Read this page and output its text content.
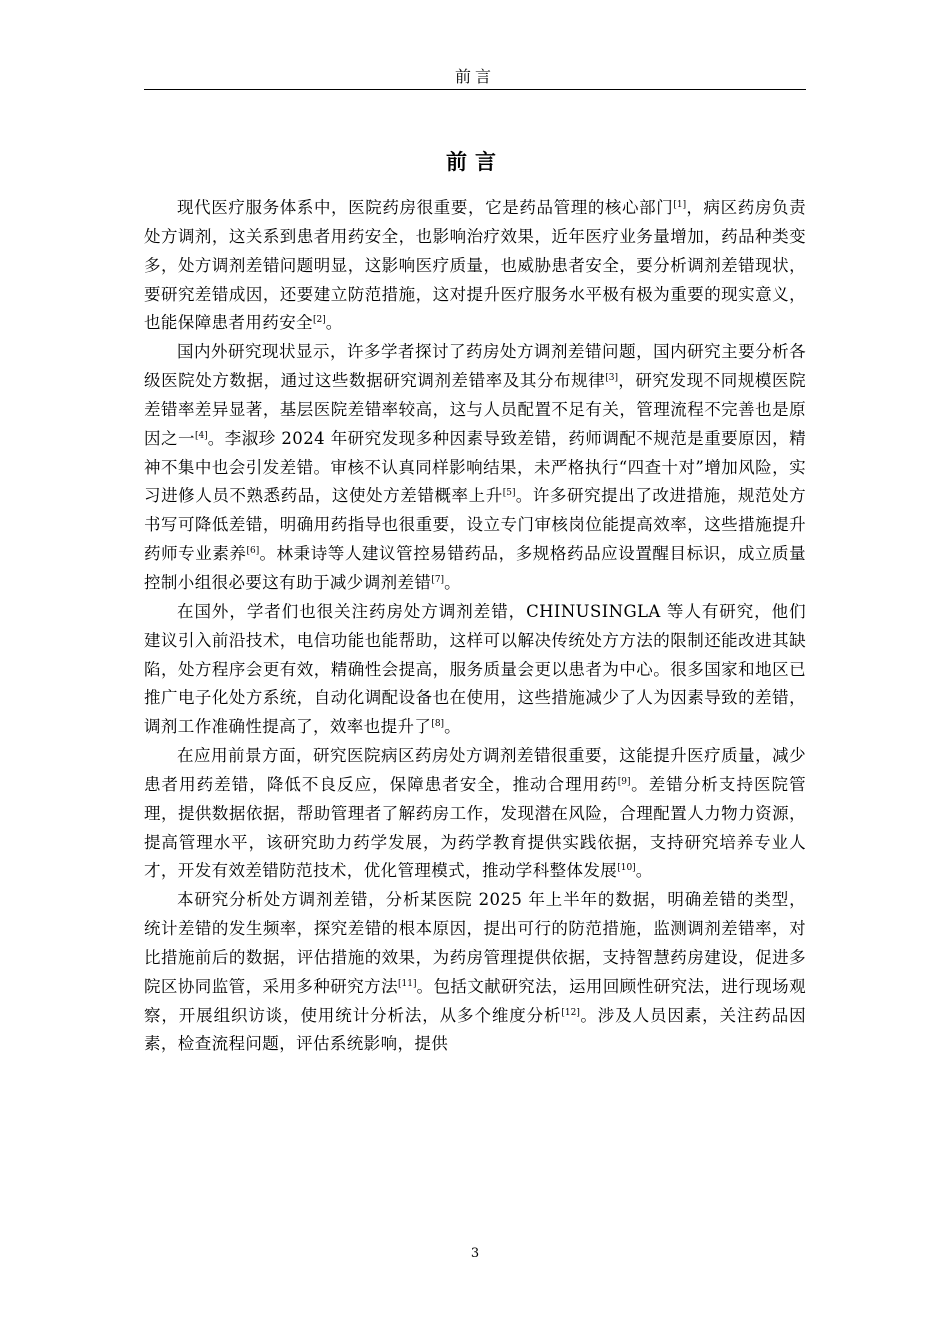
前言
前言

现代医疗服务体系中，医院药房很重要，它是药品管理的核心部门[1]，病区药房负责处方调剂，这关系到患者用药安全，也影响治疗效果，近年医疗业务量增加，药品种类变多，处方调剂差错问题明显，这影响医疗质量，也威胁患者安全，要分析调剂差错现状，要研究差错成因，还要建立防范措施，这对提升医疗服务水平极有极为重要的现实意义，也能保障患者用药安全[2]。

国内外研究现状显示，许多学者探讨了药房处方调剂差错问题，国内研究主要分析各级医院处方数据，通过这些数据研究调剂差错率及其分布规律[3]，研究发现不同规模医院差错率差异显著，基层医院差错率较高，这与人员配置不足有关，管理流程不完善也是原因之一[4]。李淑珍 2024 年研究发现多种因素导致差错，药师调配不规范是重要原因，精神不集中也会引发差错。审核不认真同样影响结果，未严格执行“四查十对”增加风险，实习进修人员不熟悉药品，这使处方差错概率上升[5]。许多研究提出了改进措施，规范处方书写可降低差错，明确用药指导也很重要，设立专门审核岗位能提高效率，这些措施提升药师专业素养[6]。林秉诗等人建议管控易错药品，多规格药品应设置醒目标识，成立质量控制小组很必要这有助于减少调剂差错[7]。

在国外，学者们也很关注药房处方调剂差错，CHINUSINGLA 等人有研究，他们建议引入前沿技术，电信功能也能帮助，这样可以解决传统处方方法的限制还能改进其缺陷，处方程序会更有效，精确性会提高，服务质量会更以患者为中心。很多国家和地区已推广电子化处方系统，自动化调配设备也在使用，这些措施减少了人为因素导致的差错，调剂工作准确性提高了，效率也提升了[8]。

在应用前景方面，研究医院病区药房处方调剂差错很重要，这能提升医疗质量，减少患者用药差错，降低不良反应，保障患者安全，推动合理用药[9]。差错分析支持医院管理，提供数据依据，帮助管理者了解药房工作，发现潜在风险，合理配置人力物力资源，提高管理水平，该研究助力药学发展，为药学教育提供实践依据，支持研究培养专业人才，开发有效差错防范技术，优化管理模式，推动学科整体发展[10]。

本研究分析处方调剂差错，分析某医院 2025 年上半年的数据，明确差错的类型，统计差错的发生频率，探究差错的根本原因，提出可行的防范措施，监测调剂差错率，对比措施前后的数据，评估措施的效果，为药房管理提供依据，支持智慧药房建设，促进多院区协同监管，采用多种研究方法[11]。包括文献研究法，运用回顾性研究法，进行现场观察，开展组织访谈，使用统计分析法，从多个维度分析[12]。涉及人员因素，关注药品因素，检查流程问题，评估系统影响，提供

3
